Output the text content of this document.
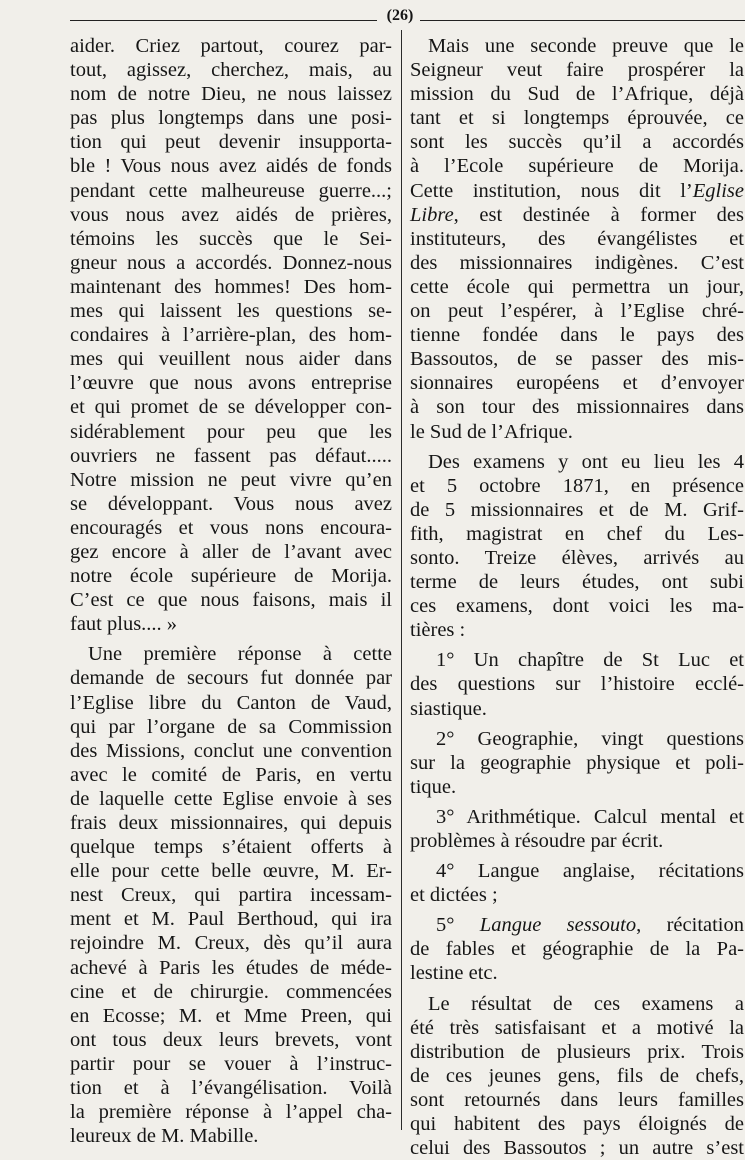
(26)
aider. Criez partout, courez par-
tout, agissez, cherchez, mais, au
nom de notre Dieu, ne nous laissez
pas plus longtemps dans une posi-
tion qui peut devenir insupporta-
ble ! Vous nous avez aidés de fonds
pendant cette malheureuse guerre...;
vous nous avez aidés de prières,
témoins les succès que le Sei-
gneur nous a accordés. Donnez-nous
maintenant des hommes! Des hom-
mes qui laissent les questions se-
condaires à l’arrière-plan, des hom-
mes qui veuillent nous aider dans
l’œuvre que nous avons entreprise
et qui promet de se développer con-
sidérablement pour peu que les
ouvriers ne fassent pas défaut.....
Notre mission ne peut vivre qu’en
se développant. Vous nous avez
encouragés et vous nons encoura-
gez encore à aller de l’avant avec
notre école supérieure de Morija.
C’est ce que nous faisons, mais il
faut plus.... »
Une première réponse à cette
demande de secours fut donnée par
l’Eglise libre du Canton de Vaud,
qui par l’organe de sa Commission
des Missions, conclut une convention
avec le comité de Paris, en vertu
de laquelle cette Eglise envoie à ses
frais deux missionnaires, qui depuis
quelque temps s’étaient offerts à
elle pour cette belle œuvre, M. Er-
nest Creux, qui partira incessam-
ment et M. Paul Berthoud, qui ira
rejoindre M. Creux, dès qu’il aura
achevé à Paris les études de méde-
cine et de chirurgie. commencées
en Ecosse; M. et Mme Preen, qui
ont tous deux leurs brevets, vont
partir pour se vouer à l’instruc-
tion et à l’évangélisation. Voilà
la première réponse à l’appel cha-
leureux de M. Mabille.
Mais une seconde preuve que le
Seigneur veut faire prospérer la
mission du Sud de l’Afrique, déjà
tant et si longtemps éprouvée, ce
sont les succès qu’il a accordés
à l’Ecole supérieure de Morija.
Cette institution, nous dit l’Eglise
Libre, est destinée à former des
instituteurs, des évangélistes et
des missionnaires indigènes. C’est
cette école qui permettra un jour,
on peut l’espérer, à l’Eglise chré-
tienne fondée dans le pays des
Bassoutos, de se passer des mis-
sionnaires européens et d’envoyer
à son tour des missionnaires dans
le Sud de l’Afrique.
Des examens y ont eu lieu les 4
et 5 octobre 1871, en présence
de 5 missionnaires et de M. Grif-
fith, magistrat en chef du Les-
sonto. Treize élèves, arrivés au
terme de leurs études, ont subi
ces examens, dont voici les ma-
tières :
1° Un chapître de St Luc et
des questions sur l’histoire ecclé-
siastique.
2° Geographie, vingt questions
sur la geographie physique et poli-
tique.
3° Arithmétique. Calcul mental et
problèmes à résoudre par écrit.
4° Langue anglaise, récitations
et dictées ;
5° Langue sessouto, récitation
de fables et géographie de la Pa-
lestine etc.
Le résultat de ces examens a
été très satisfaisant et a motivé la
distribution de plusieurs prix. Trois
de ces jeunes gens, fils de chefs,
sont retournés dans leurs familles
qui habitent des pays éloignés de
celui des Bassoutos ; un autre s’est
